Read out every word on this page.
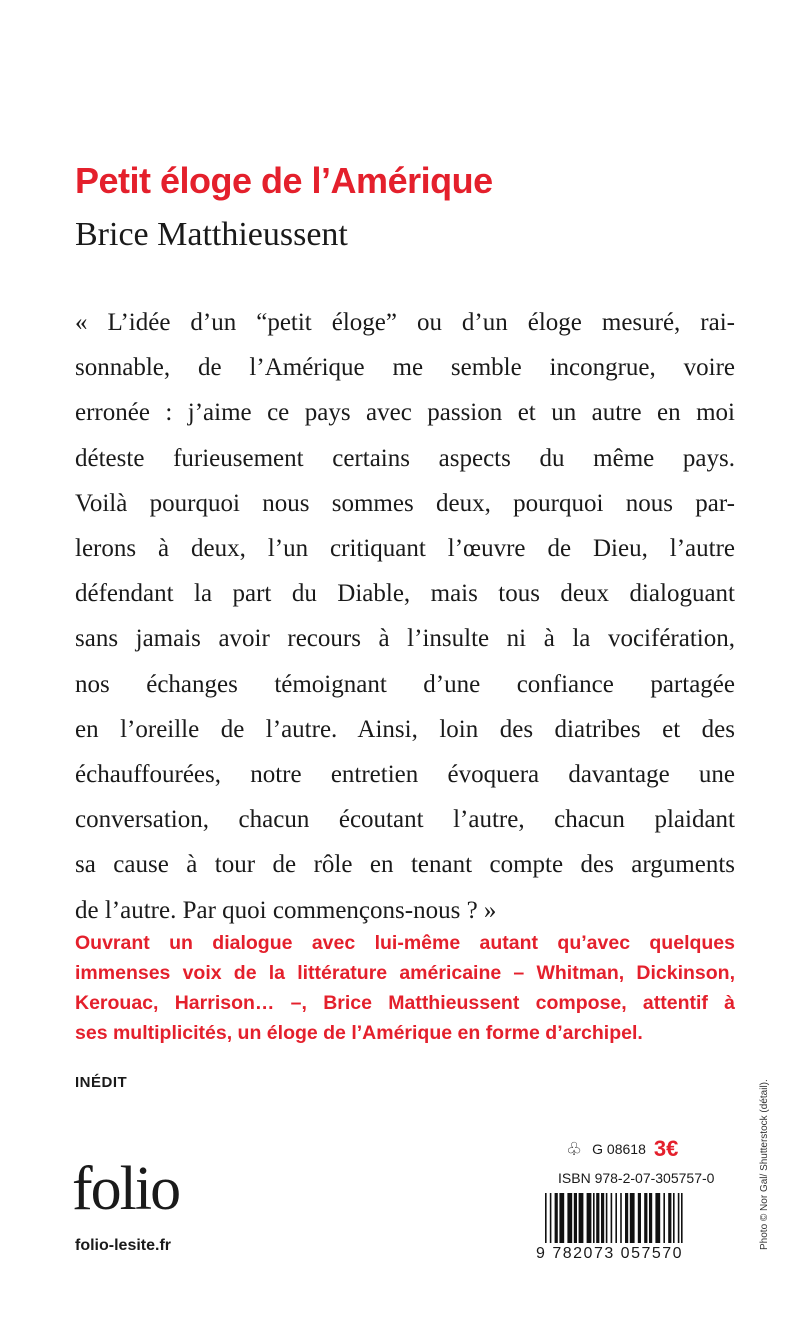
Petit éloge de l’Amérique
Brice Matthieussent

« L’idée d’un “petit éloge” ou d’un éloge mesuré, rai-
sonnable, de l’Amérique me semble incongrue, voire
erronée : j’aime ce pays avec passion et un autre en moi
déteste furieusement certains aspects du même pays.
Voilà pourquoi nous sommes deux, pourquoi nous par-
lerons à deux, l’un critiquant l’œuvre de Dieu, l’autre
défendant la part du Diable, mais tous deux dialoguant
sans jamais avoir recours à l’insulte ni à la vocifération,
nos échanges témoignant d’une confiance partagée
en l’oreille de l’autre. Ainsi, loin des diatribes et des
échauffourées, notre entretien évoquera davantage une
conversation, chacun écoutant l’autre, chacun plaidant
sa cause à tour de rôle en tenant compte des arguments
de l’autre. Par quoi commençons-nous ? »

Ouvrant un dialogue avec lui-même autant qu’avec quelques
immenses voix de la littérature américaine – Whitman, Dickinson,
Kerouac, Harrison… –, Brice Matthieussent compose, attentif à
ses multiplicités, un éloge de l’Amérique en forme d’archipel.
INÉDIT
folio
folio-lesite.fr
♧ G 08618 3€
ISBN 978-2-07-305757-0
9 782073 057570
Photo © Nor Gal/ Shutterstock (détail).
